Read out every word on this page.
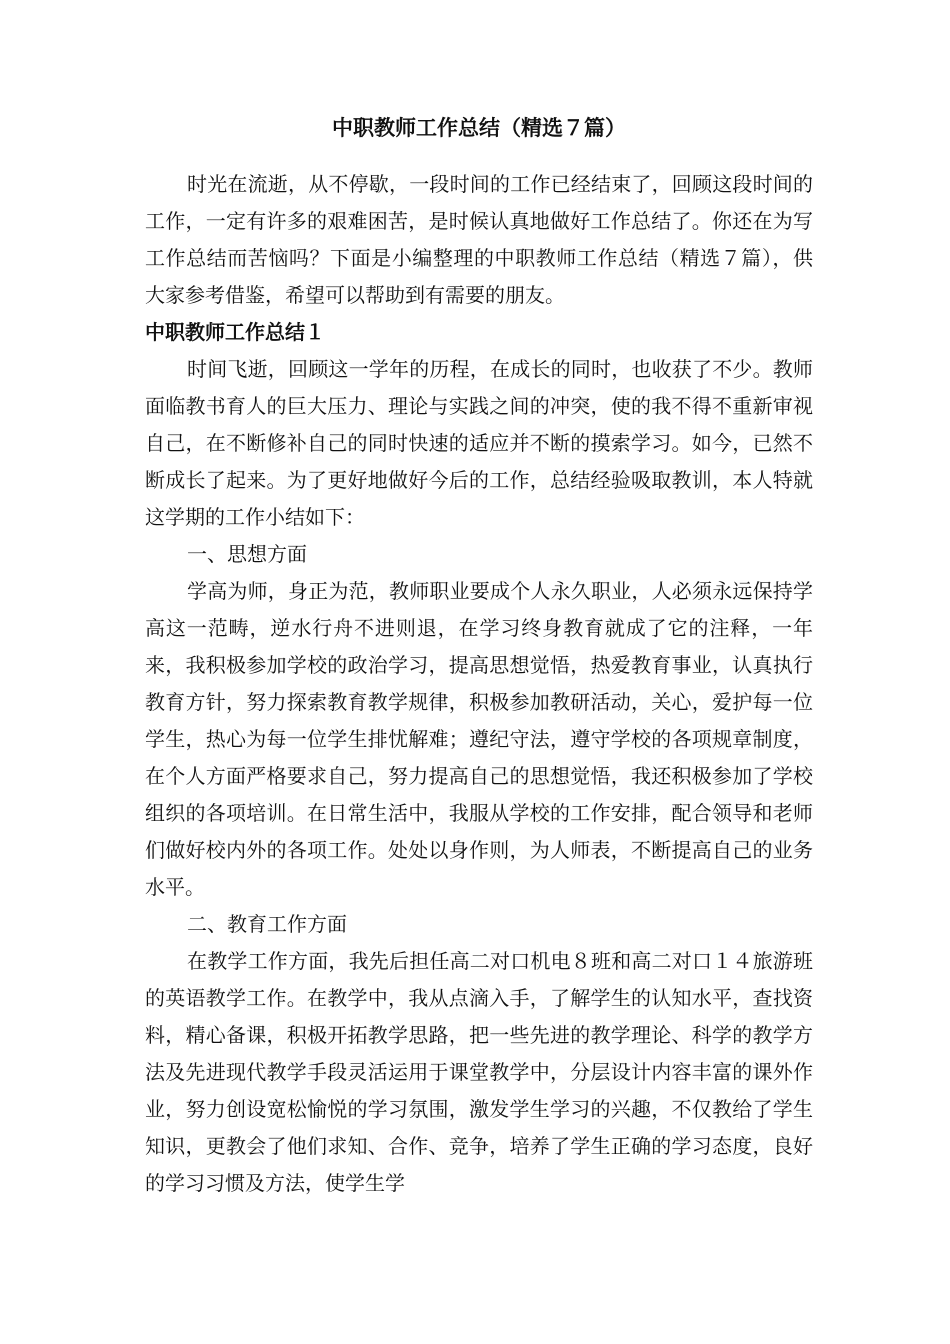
中职教师工作总结（精选７篇）

时光在流逝，从不停歇，一段时间的工作已经结束了，回顾这段时间的工作，一定有许多的艰难困苦，是时候认真地做好工作总结了。你还在为写工作总结而苦恼吗？下面是小编整理的中职教师工作总结（精选７篇），供大家参考借鉴，希望可以帮助到有需要的朋友。

中职教师工作总结１

时间飞逝，回顾这一学年的历程，在成长的同时，也收获了不少。教师面临教书育人的巨大压力、理论与实践之间的冲突，使的我不得不重新审视自己，在不断修补自己的同时快速的适应并不断的摸索学习。如今，已然不断成长了起来。为了更好地做好今后的工作，总结经验吸取教训，本人特就这学期的工作小结如下：

一、思想方面

学高为师，身正为范，教师职业要成个人永久职业，人必须永远保持学高这一范畴，逆水行舟不进则退，在学习终身教育就成了它的注释，一年来，我积极参加学校的政治学习，提高思想觉悟，热爱教育事业，认真执行教育方针，努力探索教育教学规律，积极参加教研活动，关心，爱护每一位学生，热心为每一位学生排忧解难；遵纪守法，遵守学校的各项规章制度，在个人方面严格要求自己，努力提高自己的思想觉悟，我还积极参加了学校组织的各项培训。在日常生活中，我服从学校的工作安排，配合领导和老师们做好校内外的各项工作。处处以身作则，为人师表，不断提高自己的业务水平。

二、教育工作方面

在教学工作方面，我先后担任高二对口机电８班和高二对口１４旅游班的英语教学工作。在教学中，我从点滴入手，了解学生的认知水平，查找资料，精心备课，积极开拓教学思路，把一些先进的教学理论、科学的教学方法及先进现代教学手段灵活运用于课堂教学中，分层设计内容丰富的课外作业，努力创设宽松愉悦的学习氛围，激发学生学习的兴趣，不仅教给了学生知识，更教会了他们求知、合作、竞争，培养了学生正确的学习态度，良好的学习习惯及方法，使学生学
